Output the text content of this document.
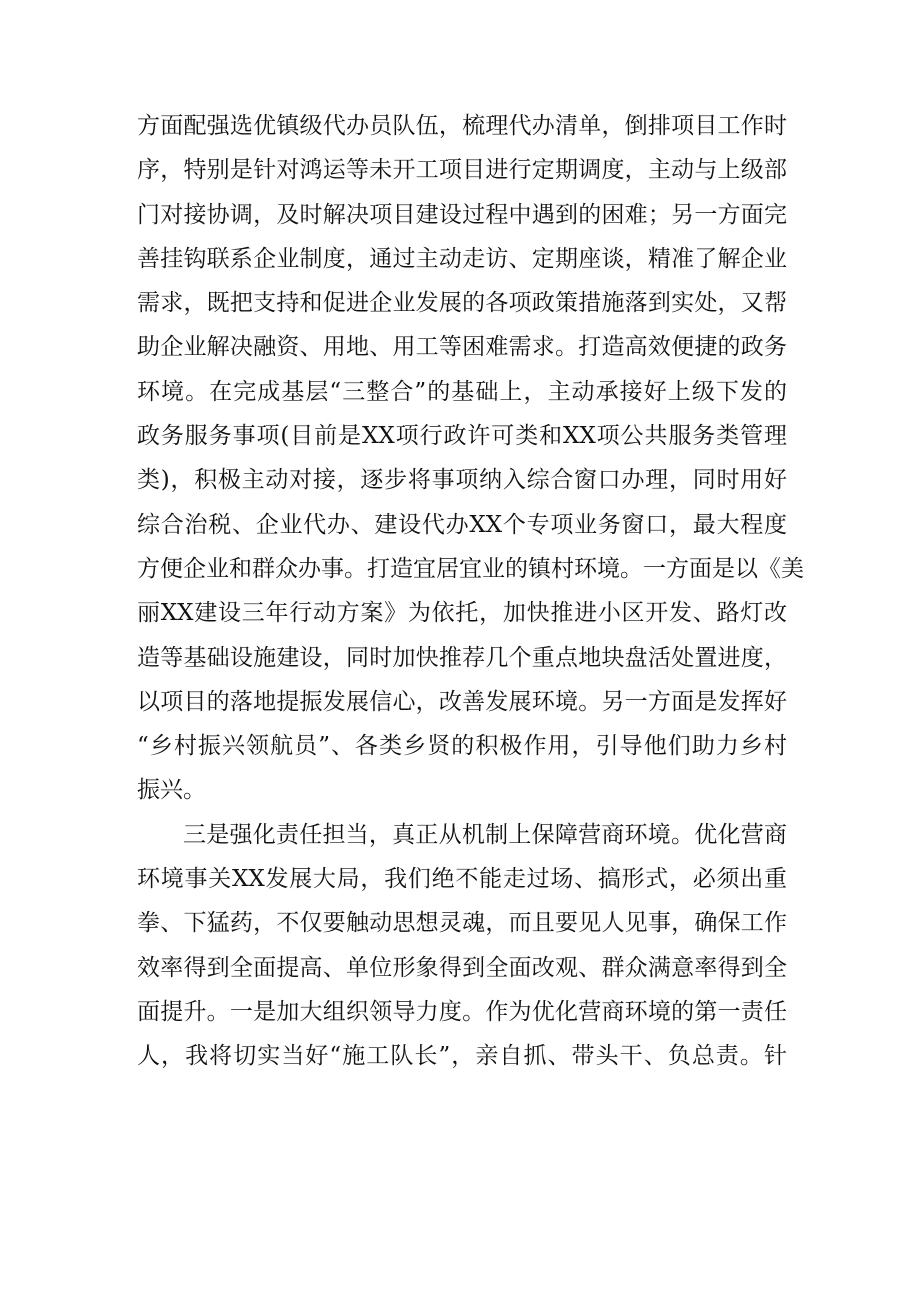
方面配强选优镇级代办员队伍，梳理代办清单，倒排项目工作时
序，特别是针对鸿运等未开工项目进行定期调度，主动与上级部
门对接协调，及时解决项目建设过程中遇到的困难；另一方面完
善挂钩联系企业制度，通过主动走访、定期座谈，精准了解企业
需求，既把支持和促进企业发展的各项政策措施落到实处，又帮
助企业解决融资、用地、用工等困难需求。打造高效便捷的政务
环境。在完成基层“三整合”的基础上，主动承接好上级下发的
政务服务事项(目前是XX项行政许可类和XX项公共服务类管理
类)，积极主动对接，逐步将事项纳入综合窗口办理，同时用好
综合治税、企业代办、建设代办XX个专项业务窗口，最大程度
方便企业和群众办事。打造宜居宜业的镇村环境。一方面是以《美
丽XX建设三年行动方案》为依托，加快推进小区开发、路灯改
造等基础设施建设，同时加快推荐几个重点地块盘活处置进度，
以项目的落地提振发展信心，改善发展环境。另一方面是发挥好
“乡村振兴领航员”、各类乡贤的积极作用，引导他们助力乡村
振兴。
三是强化责任担当，真正从机制上保障营商环境。优化营商
环境事关XX发展大局，我们绝不能走过场、搞形式，必须出重
拳、下猛药，不仅要触动思想灵魂，而且要见人见事，确保工作
效率得到全面提高、单位形象得到全面改观、群众满意率得到全
面提升。一是加大组织领导力度。作为优化营商环境的第一责任
人，我将切实当好“施工队长”，亲自抓、带头干、负总责。针
